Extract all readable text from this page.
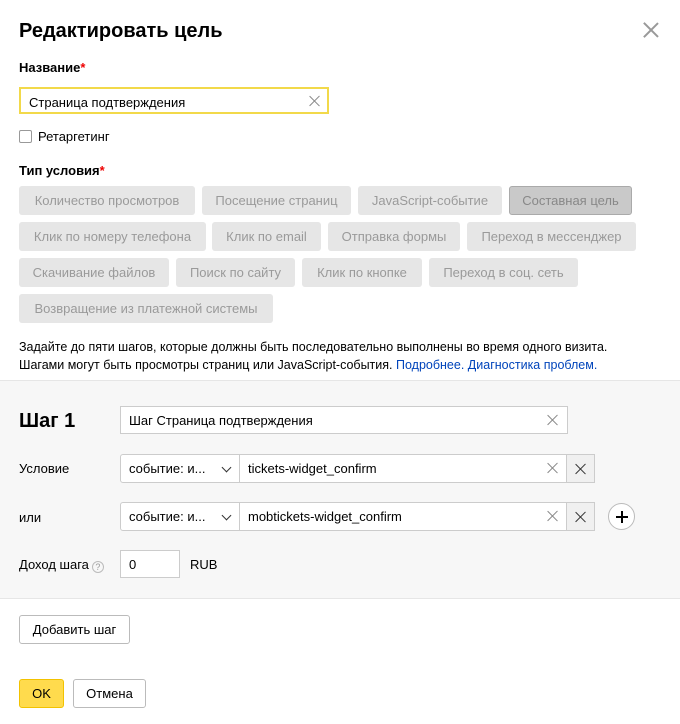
Редактировать цель
Название*
Страница подтверждения
Ретаргетинг
Тип условия*
Количество просмотров	Посещение страниц	JavaScript-событие	Составная цель
Клик по номеру телефона	Клик по email	Отправка формы	Переход в мессенджер
Скачивание файлов	Поиск по сайту	Клик по кнопке	Переход в соц. сеть
Возвращение из платежной системы
Задайте до пяти шагов, которые должны быть последовательно выполнены во время одного визита.
Шагами могут быть просмотры страниц или JavaScript-события. Подробнее. Диагностика проблем.
Шаг 1	Шаг Страница подтверждения
Условие	событие: и...	tickets-widget_confirm
или	событие: и...	mobtickets-widget_confirm
Доход шага ? 0	RUB
Добавить шаг
OK	Отмена
